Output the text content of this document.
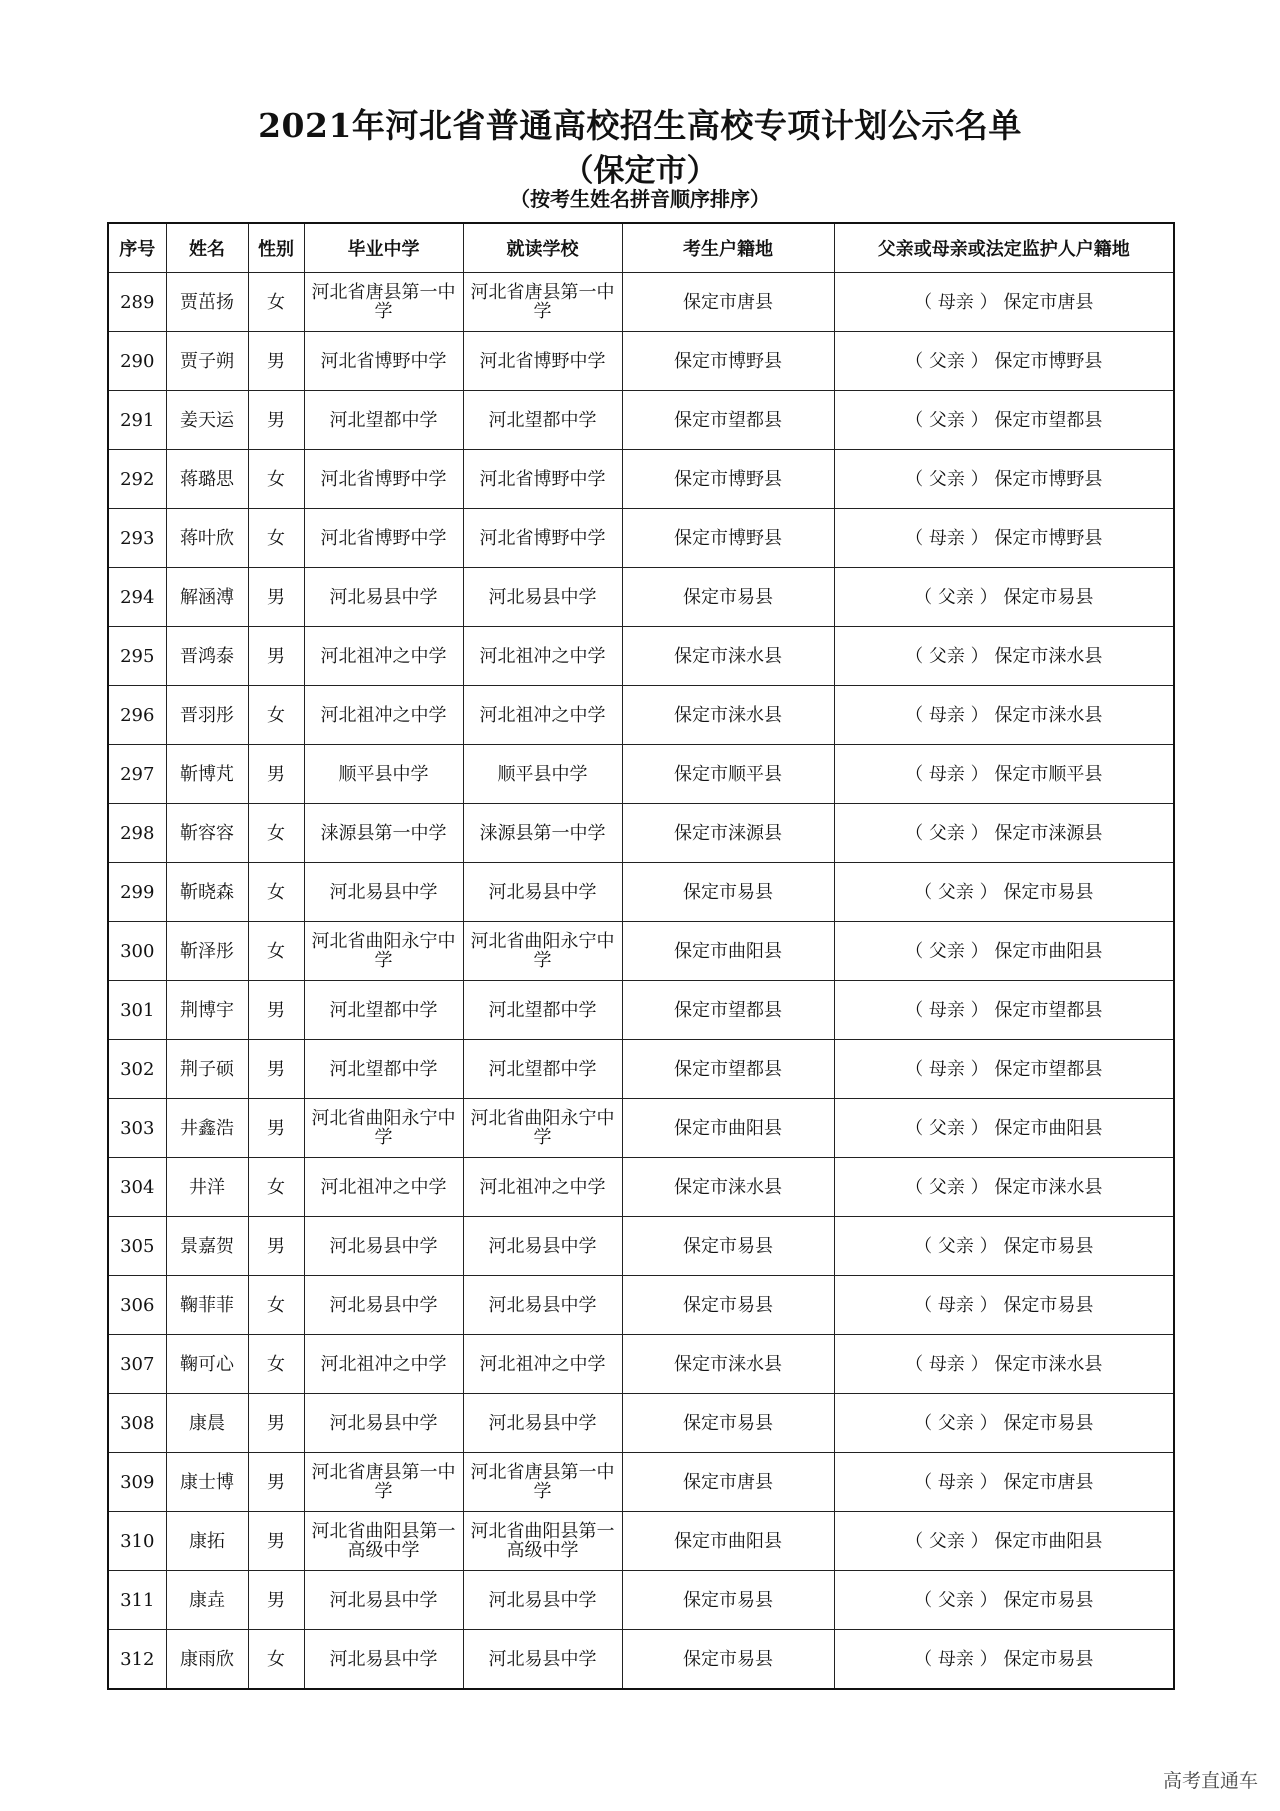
2021年河北省普通高校招生高校专项计划公示名单
（保定市）
（按考生姓名拼音顺序排序）
序号	姓名	性别	毕业中学	就读学校	考生户籍地	父亲或母亲或法定监护人户籍地
289	贾茁扬	女	河北省唐县第一中学	河北省唐县第一中学	保定市唐县	（ 母亲 ） 保定市唐县
290	贾子朔	男	河北省博野中学	河北省博野中学	保定市博野县	（ 父亲 ） 保定市博野县
291	姜天运	男	河北望都中学	河北望都中学	保定市望都县	（ 父亲 ） 保定市望都县
292	蒋璐思	女	河北省博野中学	河北省博野中学	保定市博野县	（ 父亲 ） 保定市博野县
293	蒋叶欣	女	河北省博野中学	河北省博野中学	保定市博野县	（ 母亲 ） 保定市博野县
294	解涵溥	男	河北易县中学	河北易县中学	保定市易县	（ 父亲 ） 保定市易县
295	晋鸿泰	男	河北祖冲之中学	河北祖冲之中学	保定市涞水县	（ 父亲 ） 保定市涞水县
296	晋羽彤	女	河北祖冲之中学	河北祖冲之中学	保定市涞水县	（ 母亲 ） 保定市涞水县
297	靳博芃	男	顺平县中学	顺平县中学	保定市顺平县	（ 母亲 ） 保定市顺平县
298	靳容容	女	涞源县第一中学	涞源县第一中学	保定市涞源县	（ 父亲 ） 保定市涞源县
299	靳晓森	女	河北易县中学	河北易县中学	保定市易县	（ 父亲 ） 保定市易县
300	靳泽彤	女	河北省曲阳永宁中学	河北省曲阳永宁中学	保定市曲阳县	（ 父亲 ） 保定市曲阳县
301	荆博宇	男	河北望都中学	河北望都中学	保定市望都县	（ 母亲 ） 保定市望都县
302	荆子硕	男	河北望都中学	河北望都中学	保定市望都县	（ 母亲 ） 保定市望都县
303	井鑫浩	男	河北省曲阳永宁中学	河北省曲阳永宁中学	保定市曲阳县	（ 父亲 ） 保定市曲阳县
304	井洋	女	河北祖冲之中学	河北祖冲之中学	保定市涞水县	（ 父亲 ） 保定市涞水县
305	景嘉贺	男	河北易县中学	河北易县中学	保定市易县	（ 父亲 ） 保定市易县
306	鞠菲菲	女	河北易县中学	河北易县中学	保定市易县	（ 母亲 ） 保定市易县
307	鞠可心	女	河北祖冲之中学	河北祖冲之中学	保定市涞水县	（ 母亲 ） 保定市涞水县
308	康晨	男	河北易县中学	河北易县中学	保定市易县	（ 父亲 ） 保定市易县
309	康士博	男	河北省唐县第一中学	河北省唐县第一中学	保定市唐县	（ 母亲 ） 保定市唐县
310	康拓	男	河北省曲阳县第一高级中学	河北省曲阳县第一高级中学	保定市曲阳县	（ 父亲 ） 保定市曲阳县
311	康垚	男	河北易县中学	河北易县中学	保定市易县	（ 父亲 ） 保定市易县
312	康雨欣	女	河北易县中学	河北易县中学	保定市易县	（ 母亲 ） 保定市易县
高考直通车
